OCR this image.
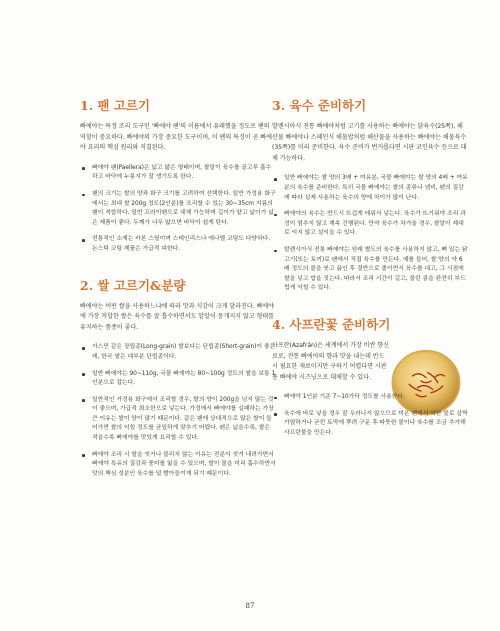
1. 팬 고르기

빠에야는 특정 조리 도구인 '빠에야 팬'의 이름에서 유래했을 정도로 팬의 역할이 중요하다. 빠에야의 가장 중요한 도구이며, 이 팬의 특징이 곧 빠에야 요리의 핵심 원리와 직결된다.

빠에야 팬(Paellera)은 넓고 얇은 형태이며, 쌀알이 육수를 골고루 흡수하고 바닥에 누룽지가 잘 생기도록 한다.
팬의 크기는 쌀의 양과 화구 크기를 고려하여 선택한다. 일반 가정용 화구에서는 최대 쌀 200g 정도(2인분)를 조리할 수 있는 30~35cm 지름의 팬이 적합하다. 일반 프라이팬으로 대체 가능하며 깊이가 얕고 넓이가 넓은 제품이 좋다. 두께가 너무 얇으면 바닥이 쉽게 탄다.
전통적인 소재는 카본 스틸이며 스테인리스나 에나멜 코팅도 다양하다. 논스틱 코팅 제품은 가급적 피한다.
2. 쌀 고르기&분량

빠에야는 어떤 쌀을 사용하느냐에 따라 맛과 식감이 크게 달라진다. 빠에야에 가장 적합한 쌀은 육수를 잘 흡수하면서도 알알이 뭉개지지 않고 형태를 유지하는 품종이 좋다.

자스민 같은 장립종(Long-grain) 쌀보다는 단립종(Short-grain)이 좋은데, 한국 쌀은 대부분 단립종이다.
일반 빠에야는 90~110g, 국물 빠에야는 80~100g 정도의 쌀을 보통 1인분으로 잡는다.
일반적인 가정용 화구에서 조리할 경우, 쌀의 양이 200g을 넘지 않는 것이 좋으며, 가급적 최소한으로 넣는다. 가정에서 빠에야를 실패하는 가장 큰 이유는 쌀이 양이 많기 때문이다. 같은 팬에 상대적으로 많은 쌀이 들어가면 쌀의 익힘 정도를 균일하게 맞추기 어렵다. 팬은 넓을수록, 쌀은 적을수록 빠에야를 맛있게 요리할 수 있다.
빠에야 조리 시 쌀을 씻거나 불리지 않는 이유는 전분이 씻겨 내려가면서 빠에야 특유의 질감과 풍미를 잃을 수 있으며, 쌀이 물을 미리 흡수하면서 맛의 핵심 성분인 육수를 덜 빨아들이게 되기 때문이다.
3. 육수 준비하기

발렌시아식 전통 빠에야처럼 고기를 사용하는 빠에야는 닭육수(25쪽), 해산물 빠에야나 스페인식 해물밥처럼 해산물을 사용하는 빠에야는 해물육수(35쪽)를 미리 준비한다. 육수 준비가 번거롭다면 시판 코인육수 등으로 대체 가능하다.

일반 빠에야는 쌀 양의 3배 + 여유분, 국물 빠에야는 쌀 양의 4배 + 여유분의 육수를 준비한다. 특히 국물 빠에야는 쌀의 종류나 냄비, 팬의 질감에 따라 실제 사용하는 육수의 양에 차이가 많이 난다.
빠에야의 육수는 반드시 뜨겁게 데워서 넣는다. 육수가 뜨거워야 조리 과정이 멈추지 않고 계속 진행된다. 만약 육수가 차가울 경우, 쌀알이 제대로 익지 않고 설익을 수 있다.
발렌시아식 전통 빠에야는 원래 별도의 육수를 사용하지 않고, 뼈 있는 닭고기(또는 토끼)로 팬에서 직접 육수를 만든다. 예를 들어, 쌀 양의 약 6배 정도의 물을 붓고 끓인 후 절반으로 졸이면서 육수를 내고, 그 시점에 쌀을 넣고 밥을 짓는다. 따라서 조리 시간이 길고, 불린 콩을 완전히 부드럽게 익힐 수 있다.
4. 사프란꽃 준비하기

사프란(Azafrán)은 세계에서 가장 비싼 향신료로, 전통 빠에야의 향과 맛을 내는데 반드시 필요한 재료이지만 구하기 어렵다면 시판용 빠에야 시즈닝으로 대체할 수 있다.

빠에야 1인분 기준 7~10가닥 정도를 사용한다.
육수에 바로 넣을 경우 잘 우러나지 않으므로 미온 팬에서 약한 불로 살짝 가열하거나 굳힌 토막에 뿌려 구운 후 따뜻한 물이나 육수를 조금 추가해 사프란물을 만든다.
87
